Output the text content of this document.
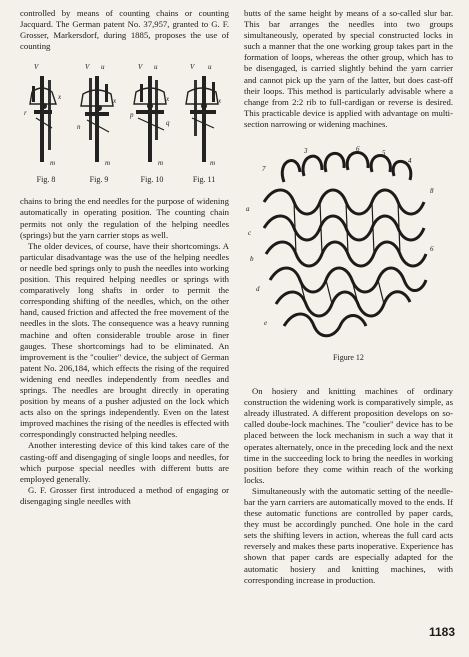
controlled by means of counting chains or counting Jacquard. The German patent No. 37,957, granted to G. F. Grosser, Markersdorf, during 1885, proposes the use of counting

V
x
r
m
Fig. 8
V u
x
n
m
Fig. 9
V u
x
p
q
m
Fig. 10
V u
x
m
Fig. 11

chains to bring the end needles for the purpose of widening automatically in operating position. The counting chain permits not only the regulation of the helping needles (springs) but the yarn carrier stops as well.

The older devices, of course, have their shortcomings. A particular disadvantage was the use of the helping needles or needle bed springs only to push the needles into working position. This required helping needles or springs with comparatively long shafts in order to permit the corresponding shifting of the needles, which, on the other hand, caused friction and affected the free movement of the needles in the slots. The consequence was a heavy running machine and often considerable trouble arose in finer gauges. These shortcomings had to be eliminated. An improvement is the "coulier" device, the subject of German patent No. 206,184, which effects the rising of the required widening end needles independently from needles and springs. The needles are brought directly in operating position by means of a pusher adjusted on the lock which acts also on the springs independently. Even on the latest improved machines the rising of the needles is effected with correspondingly constructed helping needles.

Another interesting device of this kind takes care of the casting-off and disengaging of single loops and needles, for which purpose special needles with different butts are employed generally.

G. F. Grosser first introduced a method of engaging or disengaging single needles with

butts of the same height by means of a so-called slur bar. This bar arranges the needles into two groups simultaneously, operated by special constructed locks in such a manner that the one working group takes part in the formation of loops, whereas the other group, which has to be disengaged, is carried slightly behind the yarn carrier and cannot pick up the yarn of the latter, but does cast-off their loops. This method is particularly advisable where a change from 2:2 rib to full-cardigan or reverse is desired. This practicable device is applied with advantage on multi-section narrowing or widening machines.

7
3	6	5
4
8
6
a
b
c
d
e
Figure 12

On hosiery and knitting machines of ordinary construction the widening work is comparatively simple, as already illustrated. A different proposition develops on so-called doube-lock machines. The "coulier" device has to be placed between the lock mechanism in such a way that it operates alternately, once in the preceding lock and the next time in the succeeding lock to bring the needles in working position before they come within reach of the working locks.

Simultaneously with the automatic setting of the needle-bar the yarn carriers are automatically moved to the ends. If these automatic functions are controlled by paper cards, they must be accordingly punched. One hole in the card sets the shifting levers in action, whereas the full card acts reversely and makes these parts inoperative. Experience has shown that paper cards are especially adapted for the automatic hosiery and knitting machines, with corresponding increase in production.

1183
